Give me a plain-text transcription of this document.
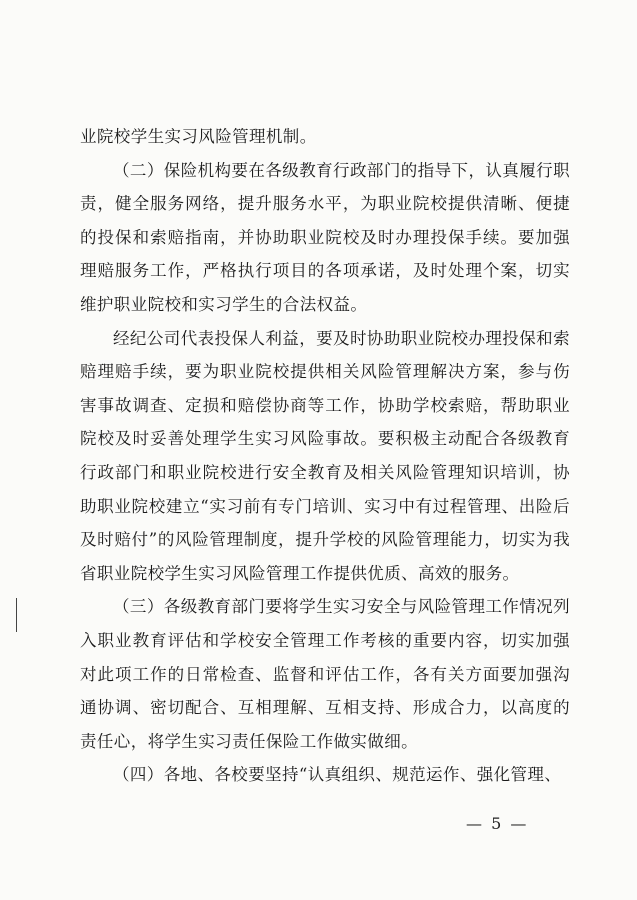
业院校学生实习风险管理机制。

（二）保险机构要在各级教育行政部门的指导下，认真履行职责，健全服务网络，提升服务水平，为职业院校提供清晰、便捷的投保和索赔指南，并协助职业院校及时办理投保手续。要加强理赔服务工作，严格执行项目的各项承诺，及时处理个案，切实维护职业院校和实习学生的合法权益。

经纪公司代表投保人利益，要及时协助职业院校办理投保和索赔理赔手续，要为职业院校提供相关风险管理解决方案，参与伤害事故调查、定损和赔偿协商等工作，协助学校索赔，帮助职业院校及时妥善处理学生实习风险事故。要积极主动配合各级教育行政部门和职业院校进行安全教育及相关风险管理知识培训，协助职业院校建立“实习前有专门培训、实习中有过程管理、出险后及时赔付”的风险管理制度，提升学校的风险管理能力，切实为我省职业院校学生实习风险管理工作提供优质、高效的服务。

（三）各级教育部门要将学生实习安全与风险管理工作情况列入职业教育评估和学校安全管理工作考核的重要内容，切实加强对此项工作的日常检查、监督和评估工作，各有关方面要加强沟通协调、密切配合、互相理解、互相支持、形成合力，以高度的责任心，将学生实习责任保险工作做实做细。

（四）各地、各校要坚持“认真组织、规范运作、强化管理、

— 5 —
